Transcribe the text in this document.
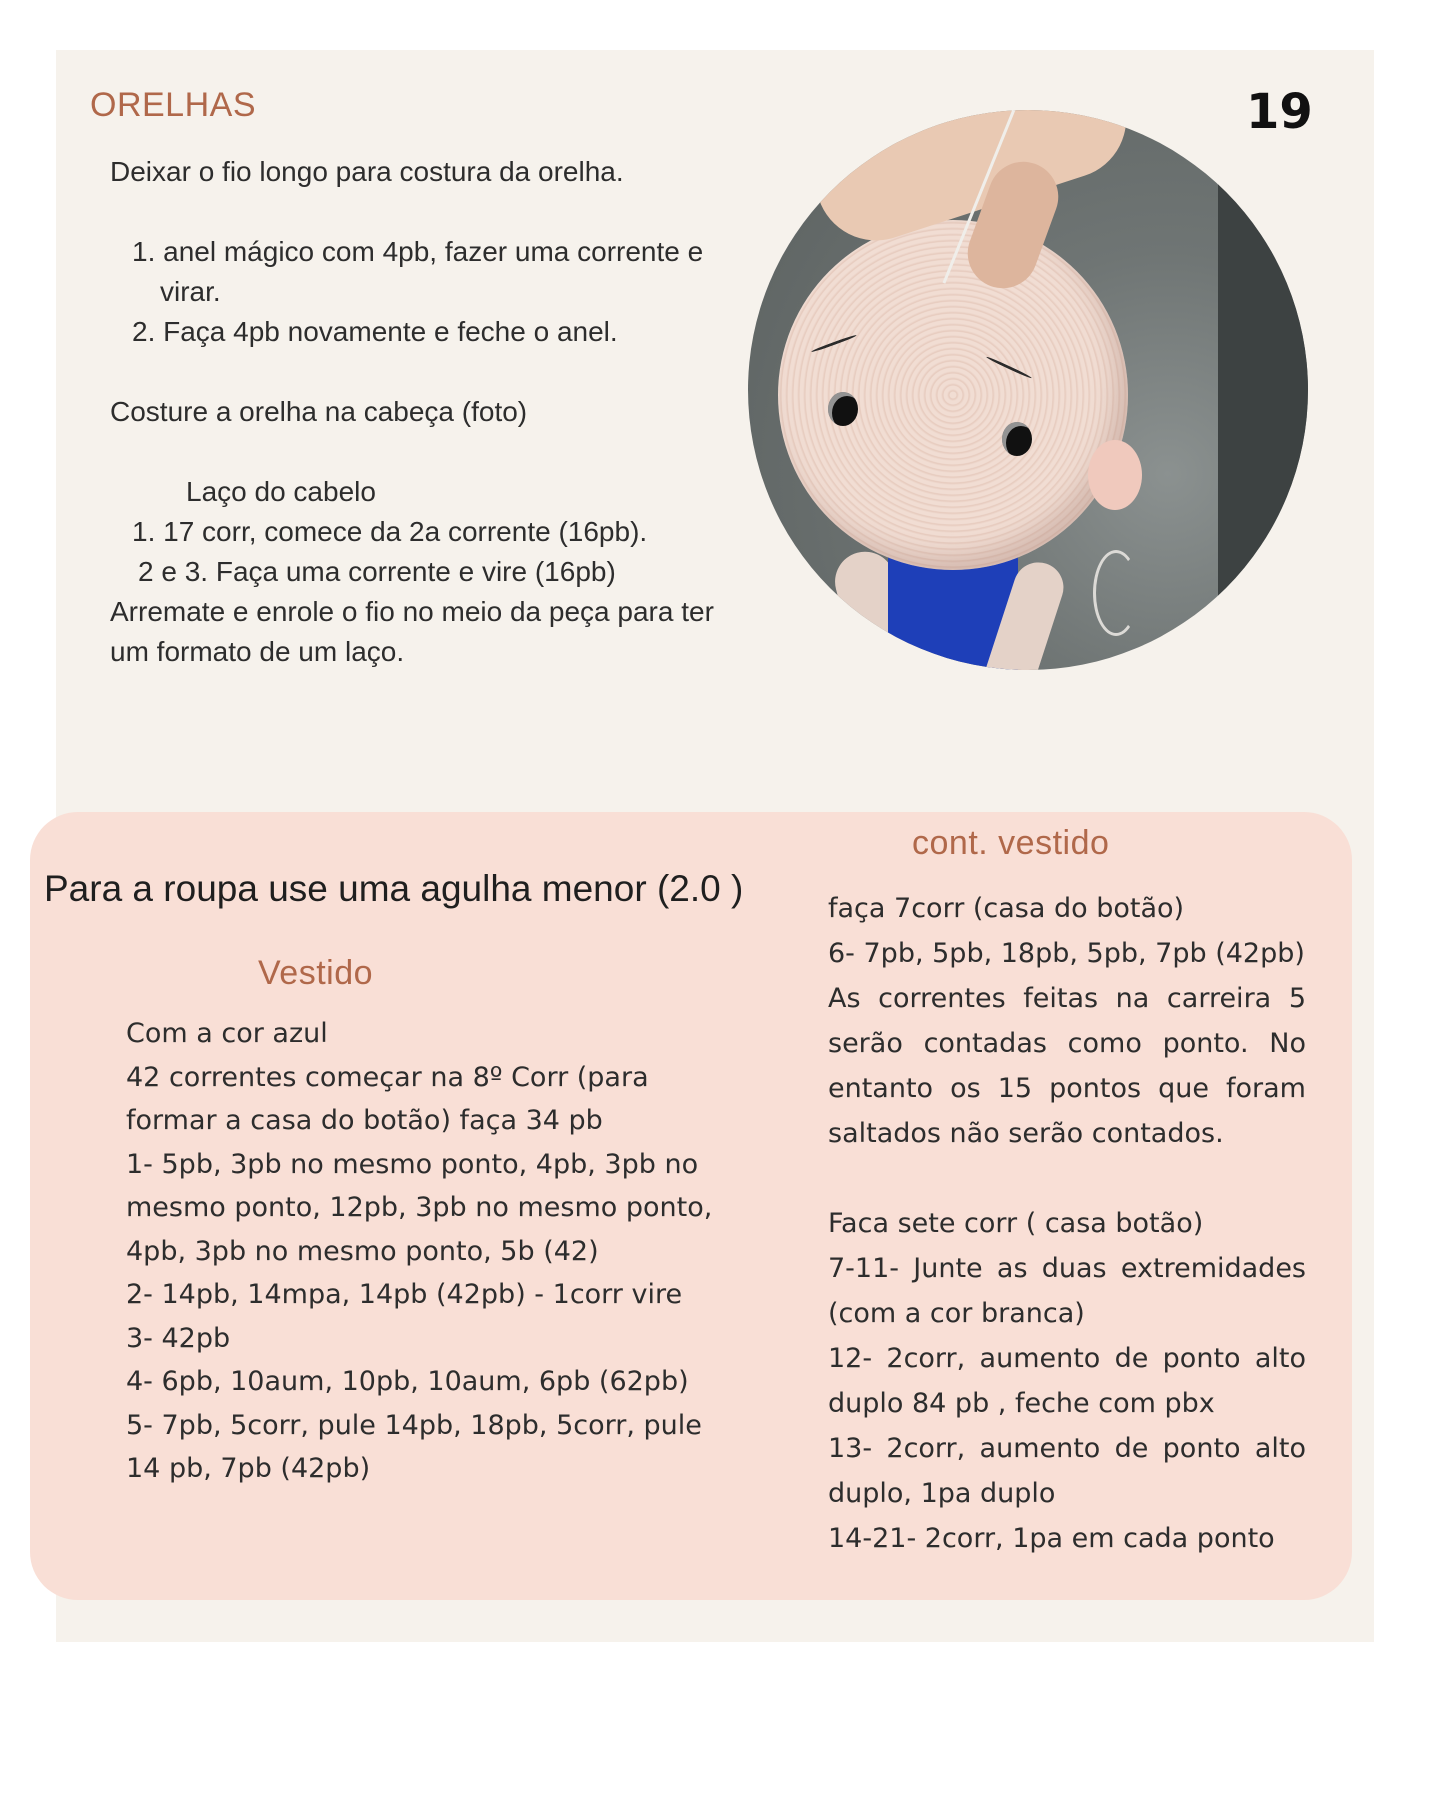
ORELHAS	19
Deixar o fio longo para costura da orelha.
1. anel mágico com 4pb, fazer uma corrente e
virar.
2. Faça 4pb novamente e feche o anel.
Costure a orelha na cabeça (foto)
Laço do cabelo
1. 17 corr, comece da 2a corrente (16pb).
2 e 3. Faça uma corrente e vire (16pb)
Arremate e enrole o fio no meio da peça para ter
um formato de um laço.
Para a roupa use uma agulha menor (2.0 )
Vestido
cont. vestido
Com a cor azul
42 correntes começar na 8º Corr (para
formar a casa do botão) faça 34 pb
1- 5pb, 3pb no mesmo ponto, 4pb, 3pb no
mesmo ponto, 12pb, 3pb no mesmo ponto,
4pb, 3pb no mesmo ponto, 5b (42)
2- 14pb, 14mpa, 14pb (42pb) - 1corr vire
3- 42pb
4- 6pb, 10aum, 10pb, 10aum, 6pb (62pb)
5- 7pb, 5corr, pule 14pb, 18pb, 5corr, pule
14 pb, 7pb (42pb)
faça 7corr (casa do botão)
6- 7pb, 5pb, 18pb, 5pb, 7pb (42pb)
As correntes feitas na carreira 5 serão contadas como ponto. No entanto os 15 pontos que foram saltados não serão contados.
Faca sete corr ( casa botão)
7-11- Junte as duas extremidades (com a cor branca)
12- 2corr, aumento de ponto alto duplo 84 pb , feche com pbx
13- 2corr, aumento de ponto alto duplo, 1pa duplo
14-21- 2corr, 1pa em cada ponto
